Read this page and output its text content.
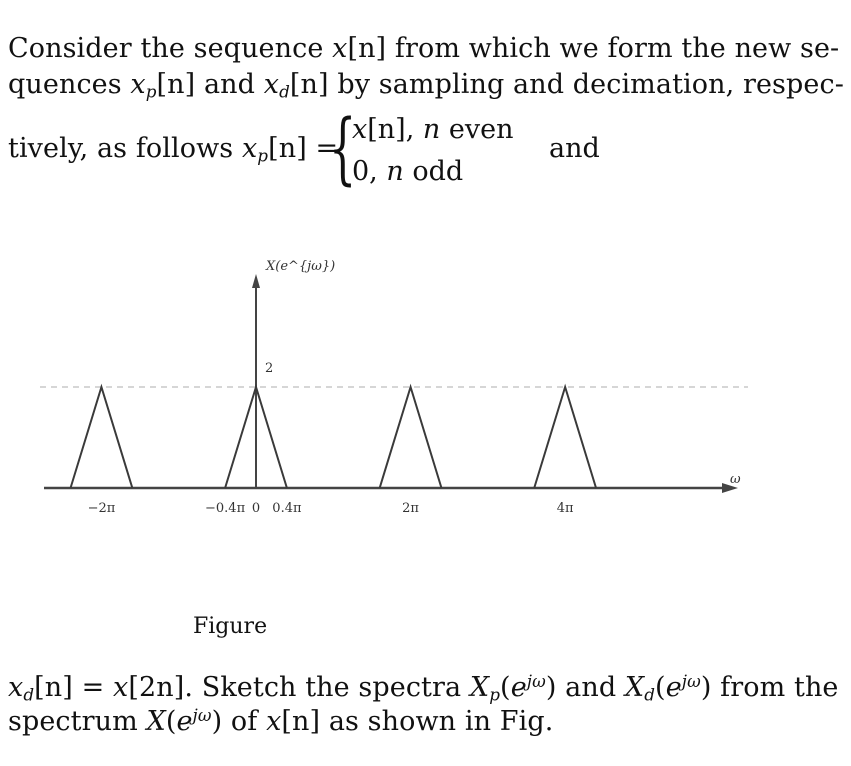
Consider the sequence x[n] from which we form the new se-
quences $x_p[n]$ and $x_d[n]$ by sampling and decimation, respec-
tively, as follows $x_p[n]$ =
{
x[n], n even
0, n odd
and
−2π	−0.4π 0 0.4π	2π	4π
X(e^{jω})
2
ω
Figure
$x_d[n] = x[2n]$. Sketch the spectra $X_p(e^{j\omega})$ and $X_d(e^{j\omega})$ from the
spectrum $X(e^{j\omega})$ of x[n] as shown in Fig.
